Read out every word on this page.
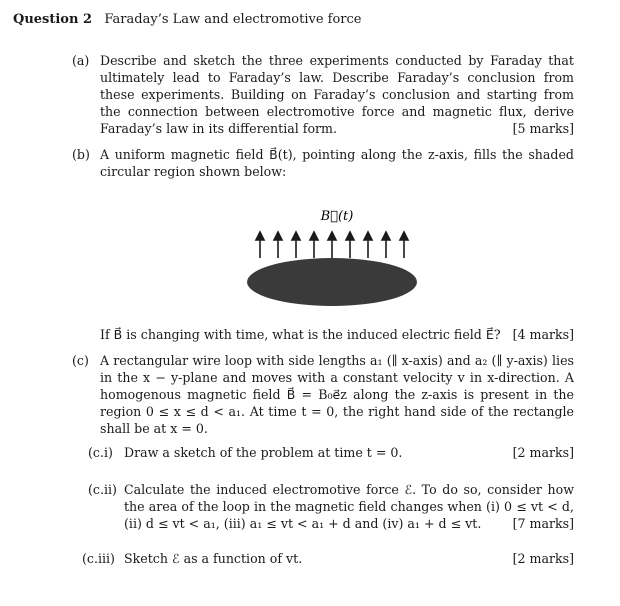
Question 2 Faraday’s Law and electromotive force
(a) Describe and sketch the three experiments conducted by Faraday that ultimately lead to Faraday’s law. Describe Faraday’s conclusion from these experiments. Building on Faraday’s conclusion and starting from the connection between electromotive force and magnetic flux, derive Faraday’s law in its differential form.	[5 marks]
(b) A uniform magnetic field B⃗(t), pointing along the z-axis, fills the shaded circular region shown below:
B⃗(t)
If B⃗ is changing with time, what is the induced electric field E⃗? [4 marks]
(c) A rectangular wire loop with side lengths a₁ (∥ x-axis) and a₂ (∥ y-axis) lies in the x − y-plane and moves with a constant velocity v in x-direction. A homogenous magnetic field B⃗ = B₀e⃗z along the z-axis is present in the region 0 ≤ x ≤ d < a₁. At time t = 0, the right hand side of the rectangle shall be at x = 0.
(c.i)	[2 marks]
Draw a sketch of the problem at time t = 0.
(c.ii) Calculate the induced electromotive force ℰ. To do so, consider how the area of the loop in the magnetic field changes when (i) 0 ≤ vt < d, (ii) d ≤ vt < a₁, (iii) a₁ ≤ vt < a₁ + d and (iv) a₁ + d ≤ vt. [7 marks]
(c.iii)	[2 marks]
Sketch ℰ as a function of vt.
